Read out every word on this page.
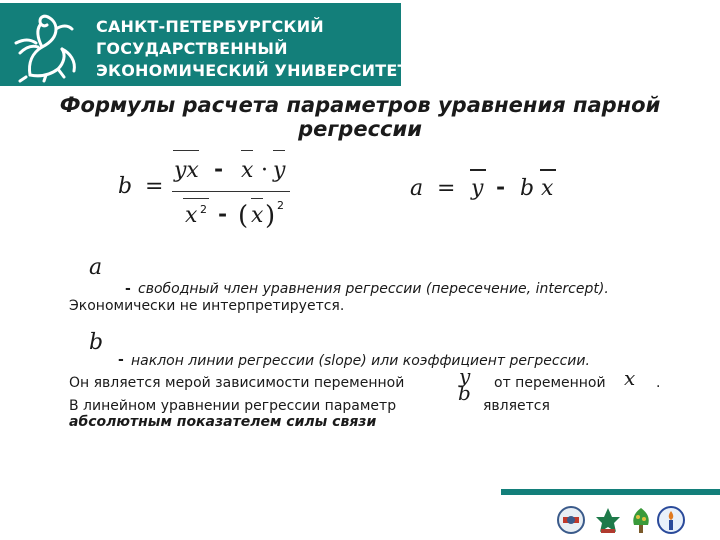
САНКТ-ПЕТЕРБУРГСКИЙ
ГОСУДАРСТВЕННЫЙ
ЭКОНОМИЧЕСКИЙ УНИВЕРСИТЕТ
Формулы расчета параметров уравнения парной регрессии
b =
yx - x · y
x 2 - ( x ) 2
a = y - b x
a
- свободный член уравнения регрессии (пересечение, intercept).
Экономически не интерпретируется.
b
- наклон линии регрессии (slope) или коэффициент регрессии.
Он является мерой зависимости переменной	y от переменной x .
В линейном уравнении регрессии параметр
b
является
абсолютным показателем силы связи
